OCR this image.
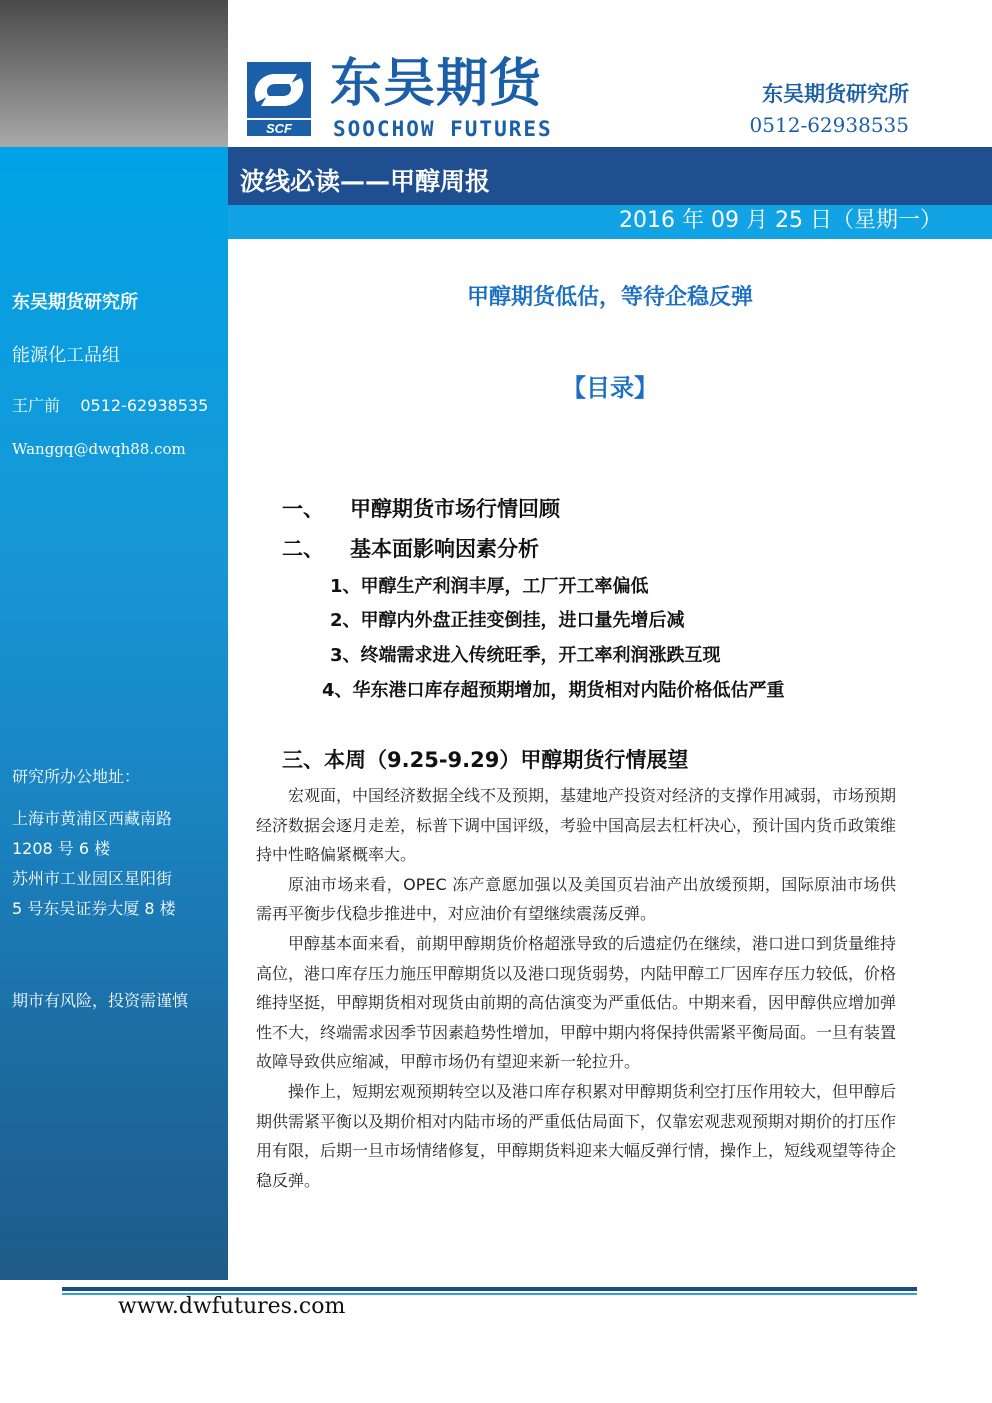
东吴期货研究所
能源化工品组
王广前    0512-62938535
Wanggq@dwqh88.com
研究所办公地址：
上海市黄浦区西藏南路
1208 号 6 楼
苏州市工业园区星阳街
5 号东吴证券大厦 8 楼
期市有风险，投资需谨慎
SCF
东吴期货
SOOCHOW FUTURES
东吴期货研究所
0512-62938535
波线必读——甲醇周报
2016 年 09 月 25 日（星期一）
甲醇期货低估，等待企稳反弹
【目录】
一、 甲醇期货市场行情回顾
二、 基本面影响因素分析
1、甲醇生产利润丰厚，工厂开工率偏低
2、甲醇内外盘正挂变倒挂，进口量先增后减
3、终端需求进入传统旺季，开工率利润涨跌互现
4、华东港口库存超预期增加，期货相对内陆价格低估严重
三、本周（9.25-9.29）甲醇期货行情展望

宏观面，中国经济数据全线不及预期，基建地产投资对经济的支撑作用减弱，市场预期经济数据会逐月走差，标普下调中国评级，考验中国高层去杠杆决心，预计国内货币政策维持中性略偏紧概率大。

原油市场来看，OPEC 冻产意愿加强以及美国页岩油产出放缓预期，国际原油市场供需再平衡步伐稳步推进中，对应油价有望继续震荡反弹。

甲醇基本面来看，前期甲醇期货价格超涨导致的后遗症仍在继续，港口进口到货量维持高位，港口库存压力施压甲醇期货以及港口现货弱势，内陆甲醇工厂因库存压力较低，价格维持坚挺，甲醇期货相对现货由前期的高估演变为严重低估。中期来看，因甲醇供应增加弹性不大，终端需求因季节因素趋势性增加，甲醇中期内将保持供需紧平衡局面。一旦有装置故障导致供应缩减，甲醇市场仍有望迎来新一轮拉升。

操作上，短期宏观预期转空以及港口库存积累对甲醇期货利空打压作用较大，但甲醇后期供需紧平衡以及期价相对内陆市场的严重低估局面下，仅靠宏观悲观预期对期价的打压作用有限，后期一旦市场情绪修复，甲醇期货料迎来大幅反弹行情，操作上，短线观望等待企稳反弹。

www.dwfutures.com
